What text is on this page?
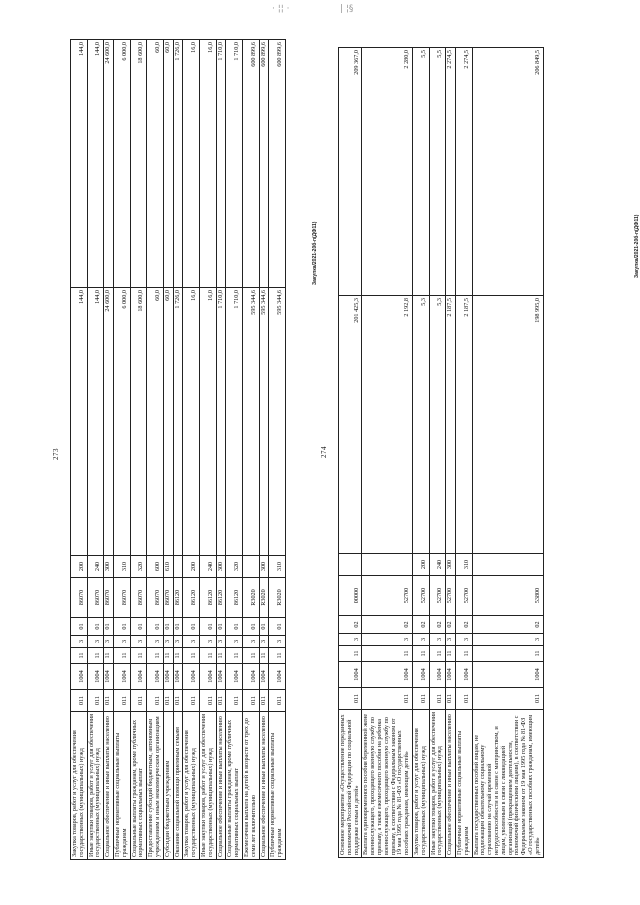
· ¦¦ ·	| ¦§
273
Закупка товаров, работ и услуг для обеспечения государственных (муниципальных) нужд	011	1004	11	3	01	86070	200	144,0	144,0
Иные закупки товаров, работ и услуг для обеспечения государственных (муниципальных) нужд	011	1004	11	3	01	86070	240	144,0	144,0
Социальное обеспечение и иные выплаты населению	011	1004	11	3	01	86070	300	24 600,0	24 600,0
Публичные нормативные социальные выплаты гражданам	011	1004	11	3	01	86070	310	6 000,0	6 000,0
Социальные выплаты гражданам, кроме публичных нормативных социальных выплат	011	1004	11	3	01	86070	320	18 600,0	18 600,0
Предоставление субсидий бюджетным, автономным учреждениям и иным некоммерческим организациям	011	1004	11	3	01	86070	600	60,0	60,0
Субсидии бюджетным учреждениям	011	1004	11	3	01	86070	610	60,0	60,0
Оказание социальной помощи приемным семьям	011	1004	11	3	01	86120		1 726,0	1 726,0
Закупка товаров, работ и услуг для обеспечения государственных (муниципальных) нужд	011	1004	11	3	01	86120	200	16,0	16,0
Иные закупки товаров, работ и услуг для обеспечения государственных (муниципальных) нужд	011	1004	11	3	01	86120	240	16,0	16,0
Социальное обеспечение и иные выплаты населению	011	1004	11	3	01	86120	300	1 710,0	1 710,0
Социальные выплаты гражданам, кроме публичных нормативных социальных выплат	011	1004	11	3	01	86120	320	1 710,0	1 710,0
Ежемесячная выплата на детей в возрасте от трех до семи лет включительно	011	1004	11	3	01	R3020		595 344,6	600 899,6
Социальное обеспечение и иные выплаты населению	011	1004	11	3	01	R3020	300	595 344,6	600 899,6
Публичные нормативные социальные выплаты гражданам	011	1004	11	3	01	R3020	310	595 344,6	600 899,6
Закупка/2021-20б-п(ДФ11)
274
Основное мероприятие «Осуществление переданных полномочий Российской Федерации по социальной поддержке семьи и детей»	011	1004	11	3	02	00000		201 425,3	209 367,0
Выплата единовременного пособия беременной жене военнослужащего, проходящего военную службу по призыву, а также ежемесячного пособия на ребенка военнослужащего, проходящего военную службу по призыву, в соответствии с Федеральным законом от 19 мая 1995 года № 81-ФЗ «О государственных пособиях гражданам, имеющим детей»	011	1004	11	3	02	52700		2 192,8	2 280,0
Закупка товаров, работ и услуг для обеспечения государственных (муниципальных) нужд	011	1004	11	3	02	52700	200	5,3	5,5
Иные закупки товаров, работ и услуг для обеспечения государственных (муниципальных) нужд	011	1004	11	3	02	52700	240	5,3	5,5
Социальное обеспечение и иные выплаты населению	011	1004	11	3	02	52700	300	2 187,5	2 274,5
Публичные нормативные социальные выплаты гражданам	011	1004	11	3	02	52700	310	2 187,5	2 274,5
Выплата государственных пособий лицам, не подлежащим обязательному социальному страхованию на случай временной нетрудоспособности и в связи с материнством, и лицам, уволенным в связи с ликвидацией организаций (прекращением деятельности, полномочий физическими лицами), в соответствии с Федеральным законом от 19 мая 1995 года № 81-ФЗ «О государственных пособиях гражданам, имеющим детей»	011	1004	11	3	02	53800		198 995,0	206 849,5
Закупка/2021-20б-п(ДФ11)
